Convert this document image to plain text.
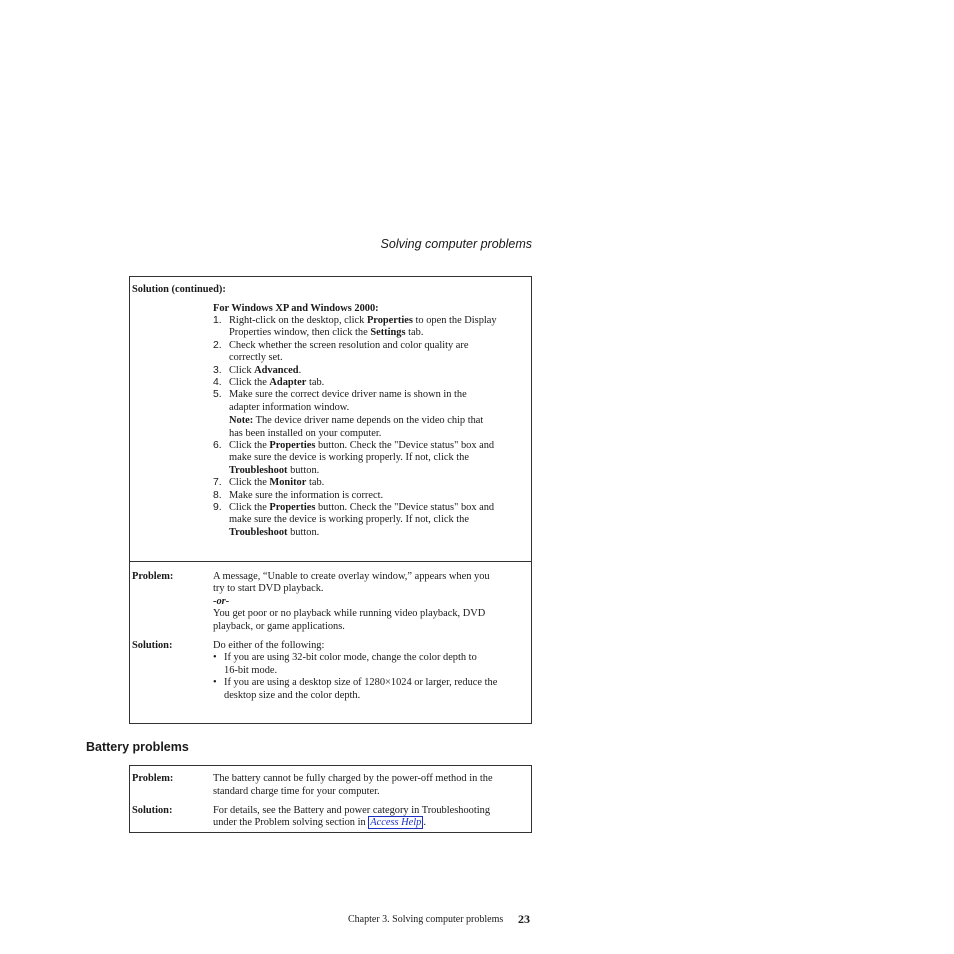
Solving computer problems
Solution (continued):
For Windows XP and Windows 2000:
1. Right-click on the desktop, click Properties to open the Display
Properties window, then click the Settings tab.
2. Check whether the screen resolution and color quality are
correctly set.
3. Click Advanced.
4. Click the Adapter tab.
5. Make sure the correct device driver name is shown in the
adapter information window.
Note: The device driver name depends on the video chip that
has been installed on your computer.
6. Click the Properties button. Check the "Device status" box and
make sure the device is working properly. If not, click the
Troubleshoot button.
7. Click the Monitor tab.
8. Make sure the information is correct.
9. Click the Properties button. Check the "Device status" box and
make sure the device is working properly. If not, click the
Troubleshoot button.
Problem:	A message, “Unable to create overlay window,” appears when you
try to start DVD playback.
-or-
You get poor or no playback while running video playback, DVD
playback, or game applications.
Solution:	Do either of the following:
• If you are using 32-bit color mode, change the color depth to
16-bit mode.
• If you are using a desktop size of 1280×1024 or larger, reduce the
desktop size and the color depth.
Battery problems
Problem:	The battery cannot be fully charged by the power-off method in the
standard charge time for your computer.
Solution:	For details, see the Battery and power category in Troubleshooting
under the Problem solving section in Access Help .
Chapter 3. Solving computer problems 23
